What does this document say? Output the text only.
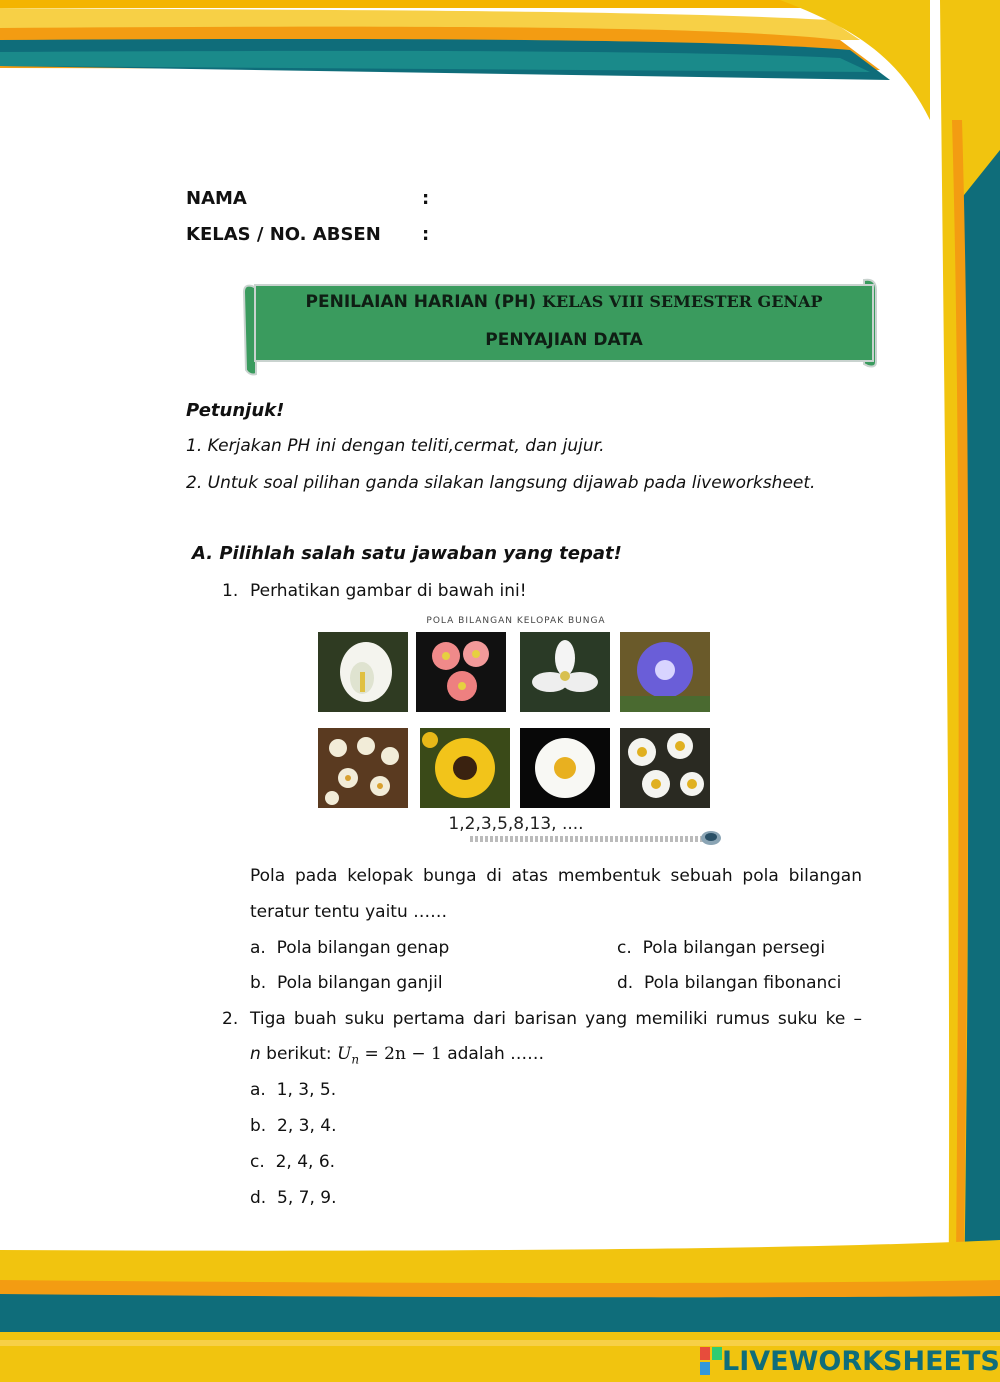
NAMA	:
KELAS / NO. ABSEN :
PENILAIAN HARIAN (PH) KELAS VIII SEMESTER GENAP
PENYAJIAN DATA
Petunjuk!
1. Kerjakan PH ini dengan teliti,cermat, dan jujur.
2. Untuk soal pilihan ganda silakan langsung dijawab pada liveworksheet.
A. Pilihlah salah satu jawaban yang tepat!
1. Perhatikan gambar di bawah ini!
POLA BILANGAN KELOPAK BUNGA
1,2,3,5,8,13, ....
Pola pada kelopak bunga di atas membentuk sebuah pola bilangan
teratur tentu yaitu ……
a. Pola bilangan genap
b. Pola bilangan ganjil
c. Pola bilangan persegi
d. Pola bilangan fibonanci
2. Tiga buah suku pertama dari barisan yang memiliki rumus suku ke –
n berikut: $U_n = 2n - 1$ adalah ……
a. 1, 3, 5.
b. 2, 3, 4.
c. 2, 4, 6.
d. 5, 7, 9.
LIVEWORKSHEETS
